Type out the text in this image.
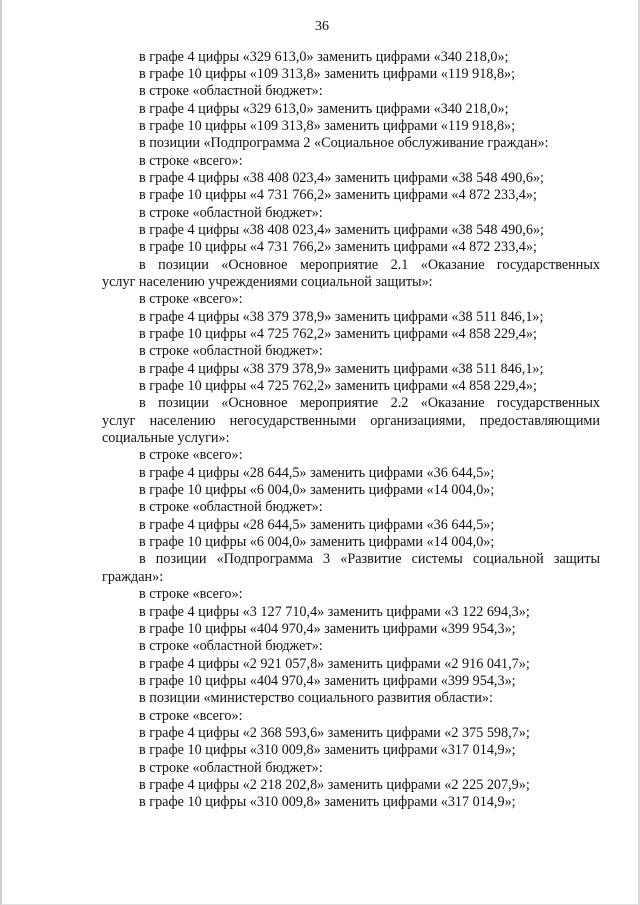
36
в графе 4 цифры «329 613,0» заменить цифрами «340 218,0»;
в графе 10 цифры «109 313,8» заменить цифрами «119 918,8»;
в строке «областной бюджет»:
в графе 4 цифры «329 613,0» заменить цифрами «340 218,0»;
в графе 10 цифры «109 313,8» заменить цифрами «119 918,8»;
в позиции «Подпрограмма 2 «Социальное обслуживание граждан»:
в строке «всего»:
в графе 4 цифры «38 408 023,4» заменить цифрами «38 548 490,6»;
в графе 10 цифры «4 731 766,2» заменить цифрами «4 872 233,4»;
в строке «областной бюджет»:
в графе 4 цифры «38 408 023,4» заменить цифрами «38 548 490,6»;
в графе 10 цифры «4 731 766,2» заменить цифрами «4 872 233,4»;
в позиции «Основное мероприятие 2.1 «Оказание государственных
услуг населению учреждениями социальной защиты»:
в строке «всего»:
в графе 4 цифры «38 379 378,9» заменить цифрами «38 511 846,1»;
в графе 10 цифры «4 725 762,2» заменить цифрами «4 858 229,4»;
в строке «областной бюджет»:
в графе 4 цифры «38 379 378,9» заменить цифрами «38 511 846,1»;
в графе 10 цифры «4 725 762,2» заменить цифрами «4 858 229,4»;
в позиции «Основное мероприятие 2.2 «Оказание государственных
услуг населению негосударственными организациями, предоставляющими
социальные услуги»:
в строке «всего»:
в графе 4 цифры «28 644,5» заменить цифрами «36 644,5»;
в графе 10 цифры «6 004,0» заменить цифрами «14 004,0»;
в строке «областной бюджет»:
в графе 4 цифры «28 644,5» заменить цифрами «36 644,5»;
в графе 10 цифры «6 004,0» заменить цифрами «14 004,0»;
в позиции «Подпрограмма 3 «Развитие системы социальной защиты
граждан»:
в строке «всего»:
в графе 4 цифры «3 127 710,4» заменить цифрами «3 122 694,3»;
в графе 10 цифры «404 970,4» заменить цифрами «399 954,3»;
в строке «областной бюджет»:
в графе 4 цифры «2 921 057,8» заменить цифрами «2 916 041,7»;
в графе 10 цифры «404 970,4» заменить цифрами «399 954,3»;
в позиции «министерство социального развития области»:
в строке «всего»:
в графе 4 цифры «2 368 593,6» заменить цифрами «2 375 598,7»;
в графе 10 цифры «310 009,8» заменить цифрами «317 014,9»;
в строке «областной бюджет»:
в графе 4 цифры «2 218 202,8» заменить цифрами «2 225 207,9»;
в графе 10 цифры «310 009,8» заменить цифрами «317 014,9»;
